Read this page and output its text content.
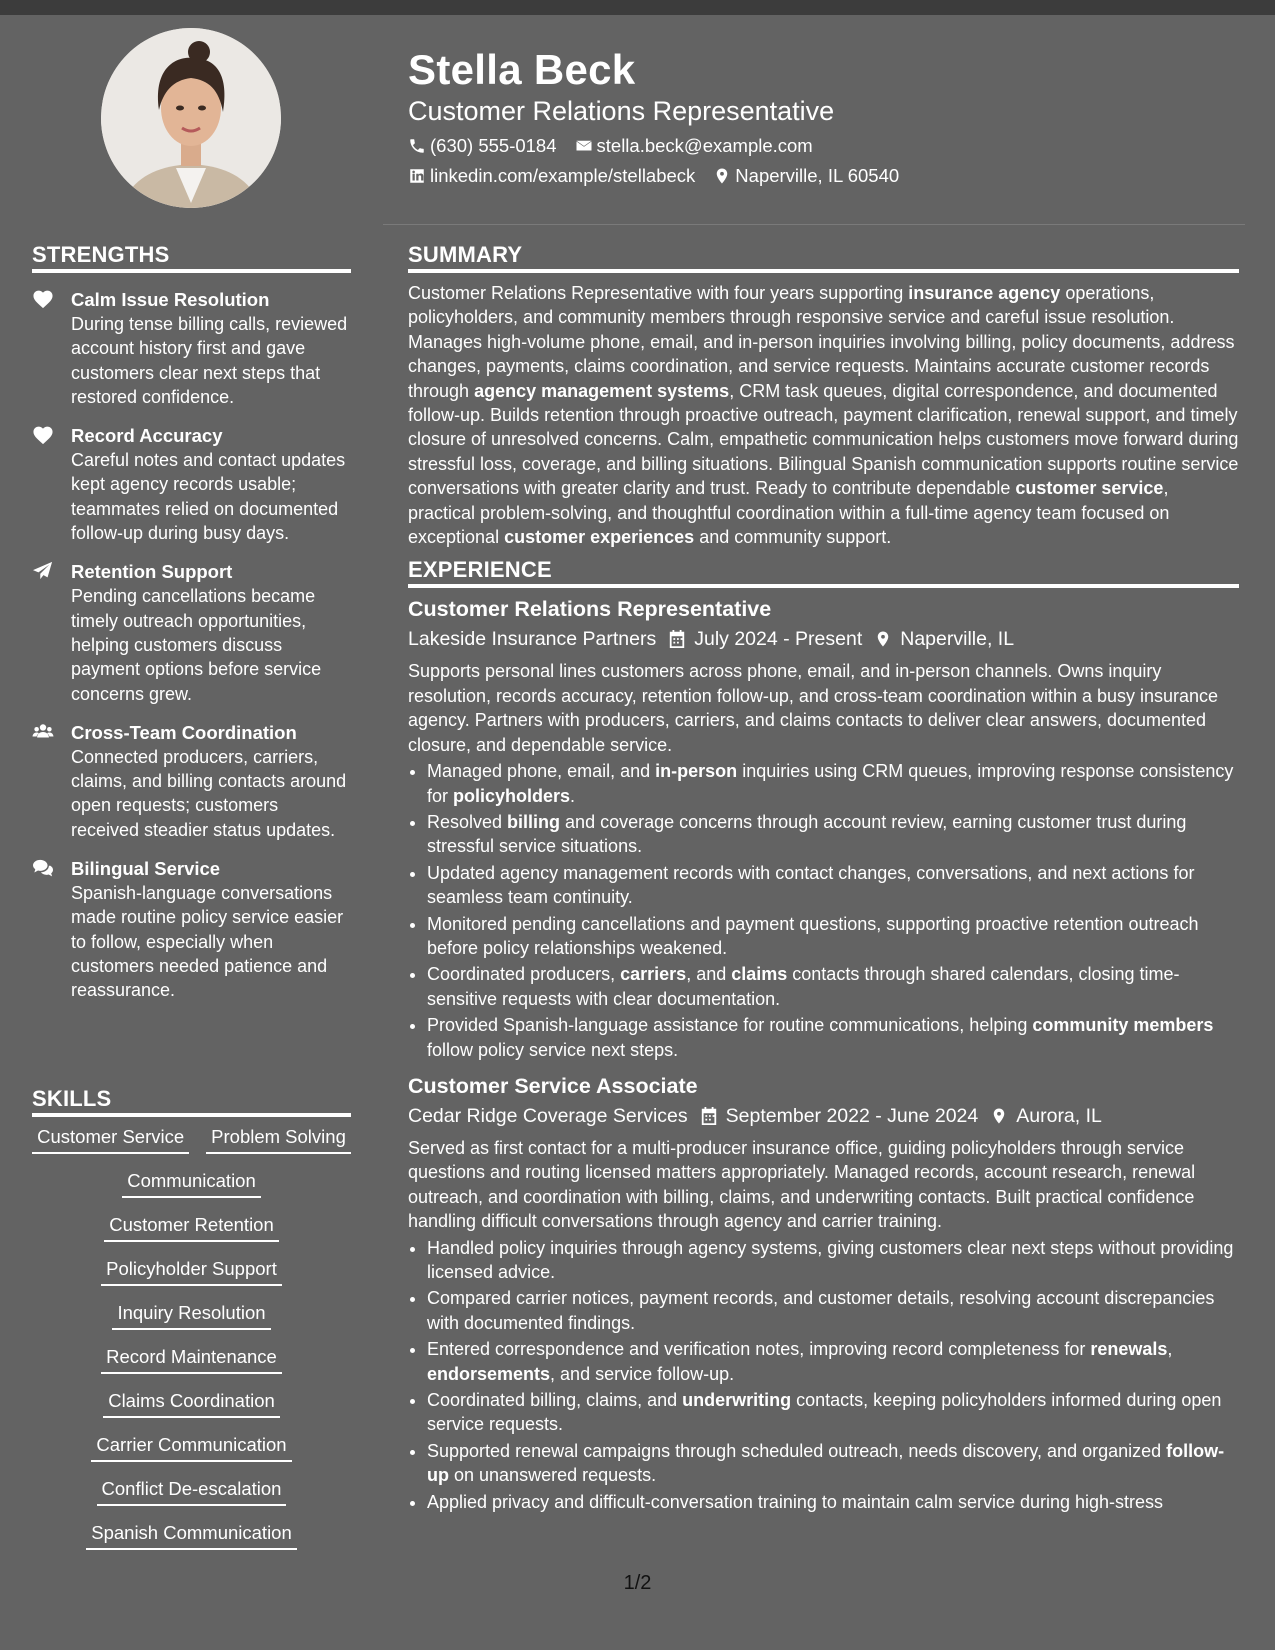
Stella Beck
Customer Relations Representative
(630) 555-0184 stella.beck@example.com
linkedin.com/example/stellabeck Naperville, IL 60540
STRENGTHS
Calm Issue Resolution
During tense billing calls, reviewed account history first and gave customers clear next steps that restored confidence.
Record Accuracy
Careful notes and contact updates kept agency records usable; teammates relied on documented follow-up during busy days.
Retention Support
Pending cancellations became timely outreach opportunities, helping customers discuss payment options before service concerns grew.
Cross-Team Coordination
Connected producers, carriers, claims, and billing contacts around open requests; customers received steadier status updates.
Bilingual Service
Spanish-language conversations made routine policy service easier to follow, especially when customers needed patience and reassurance.
SKILLS
Customer Service Problem Solving
Communication
Customer Retention
Policyholder Support
Inquiry Resolution
Record Maintenance
Claims Coordination
Carrier Communication
Conflict De-escalation
Spanish Communication
SUMMARY
Customer Relations Representative with four years supporting insurance agency operations, policyholders, and community members through responsive service and careful issue resolution. Manages high-volume phone, email, and in-person inquiries involving billing, policy documents, address changes, payments, claims coordination, and service requests. Maintains accurate customer records through agency management systems, CRM task queues, digital correspondence, and documented follow-up. Builds retention through proactive outreach, payment clarification, renewal support, and timely closure of unresolved concerns. Calm, empathetic communication helps customers move forward during stressful loss, coverage, and billing situations. Bilingual Spanish communication supports routine service conversations with greater clarity and trust. Ready to contribute dependable customer service, practical problem-solving, and thoughtful coordination within a full-time agency team focused on exceptional customer experiences and community support.
EXPERIENCE
Customer Relations Representative
Lakeside Insurance Partners July 2024 - Present Naperville, IL
Supports personal lines customers across phone, email, and in-person channels. Owns inquiry resolution, records accuracy, retention follow-up, and cross-team coordination within a busy insurance agency. Partners with producers, carriers, and claims contacts to deliver clear answers, documented closure, and dependable service.
• Managed phone, email, and in-person inquiries using CRM queues, improving response consistency for policyholders.
• Resolved billing and coverage concerns through account review, earning customer trust during stressful service situations.
• Updated agency management records with contact changes, conversations, and next actions for seamless team continuity.
• Monitored pending cancellations and payment questions, supporting proactive retention outreach before policy relationships weakened.
• Coordinated producers, carriers, and claims contacts through shared calendars, closing time-sensitive requests with clear documentation.
• Provided Spanish-language assistance for routine communications, helping community members follow policy service next steps.
Customer Service Associate
Cedar Ridge Coverage Services September 2022 - June 2024 Aurora, IL
Served as first contact for a multi-producer insurance office, guiding policyholders through service questions and routing licensed matters appropriately. Managed records, account research, renewal outreach, and coordination with billing, claims, and underwriting contacts. Built practical confidence handling difficult conversations through agency and carrier training.
• Handled policy inquiries through agency systems, giving customers clear next steps without providing licensed advice.
• Compared carrier notices, payment records, and customer details, resolving account discrepancies with documented findings.
• Entered correspondence and verification notes, improving record completeness for renewals, endorsements, and service follow-up.
• Coordinated billing, claims, and underwriting contacts, keeping policyholders informed during open service requests.
• Supported renewal campaigns through scheduled outreach, needs discovery, and organized follow-up on unanswered requests.
• Applied privacy and difficult-conversation training to maintain calm service during high-stress
1/2
